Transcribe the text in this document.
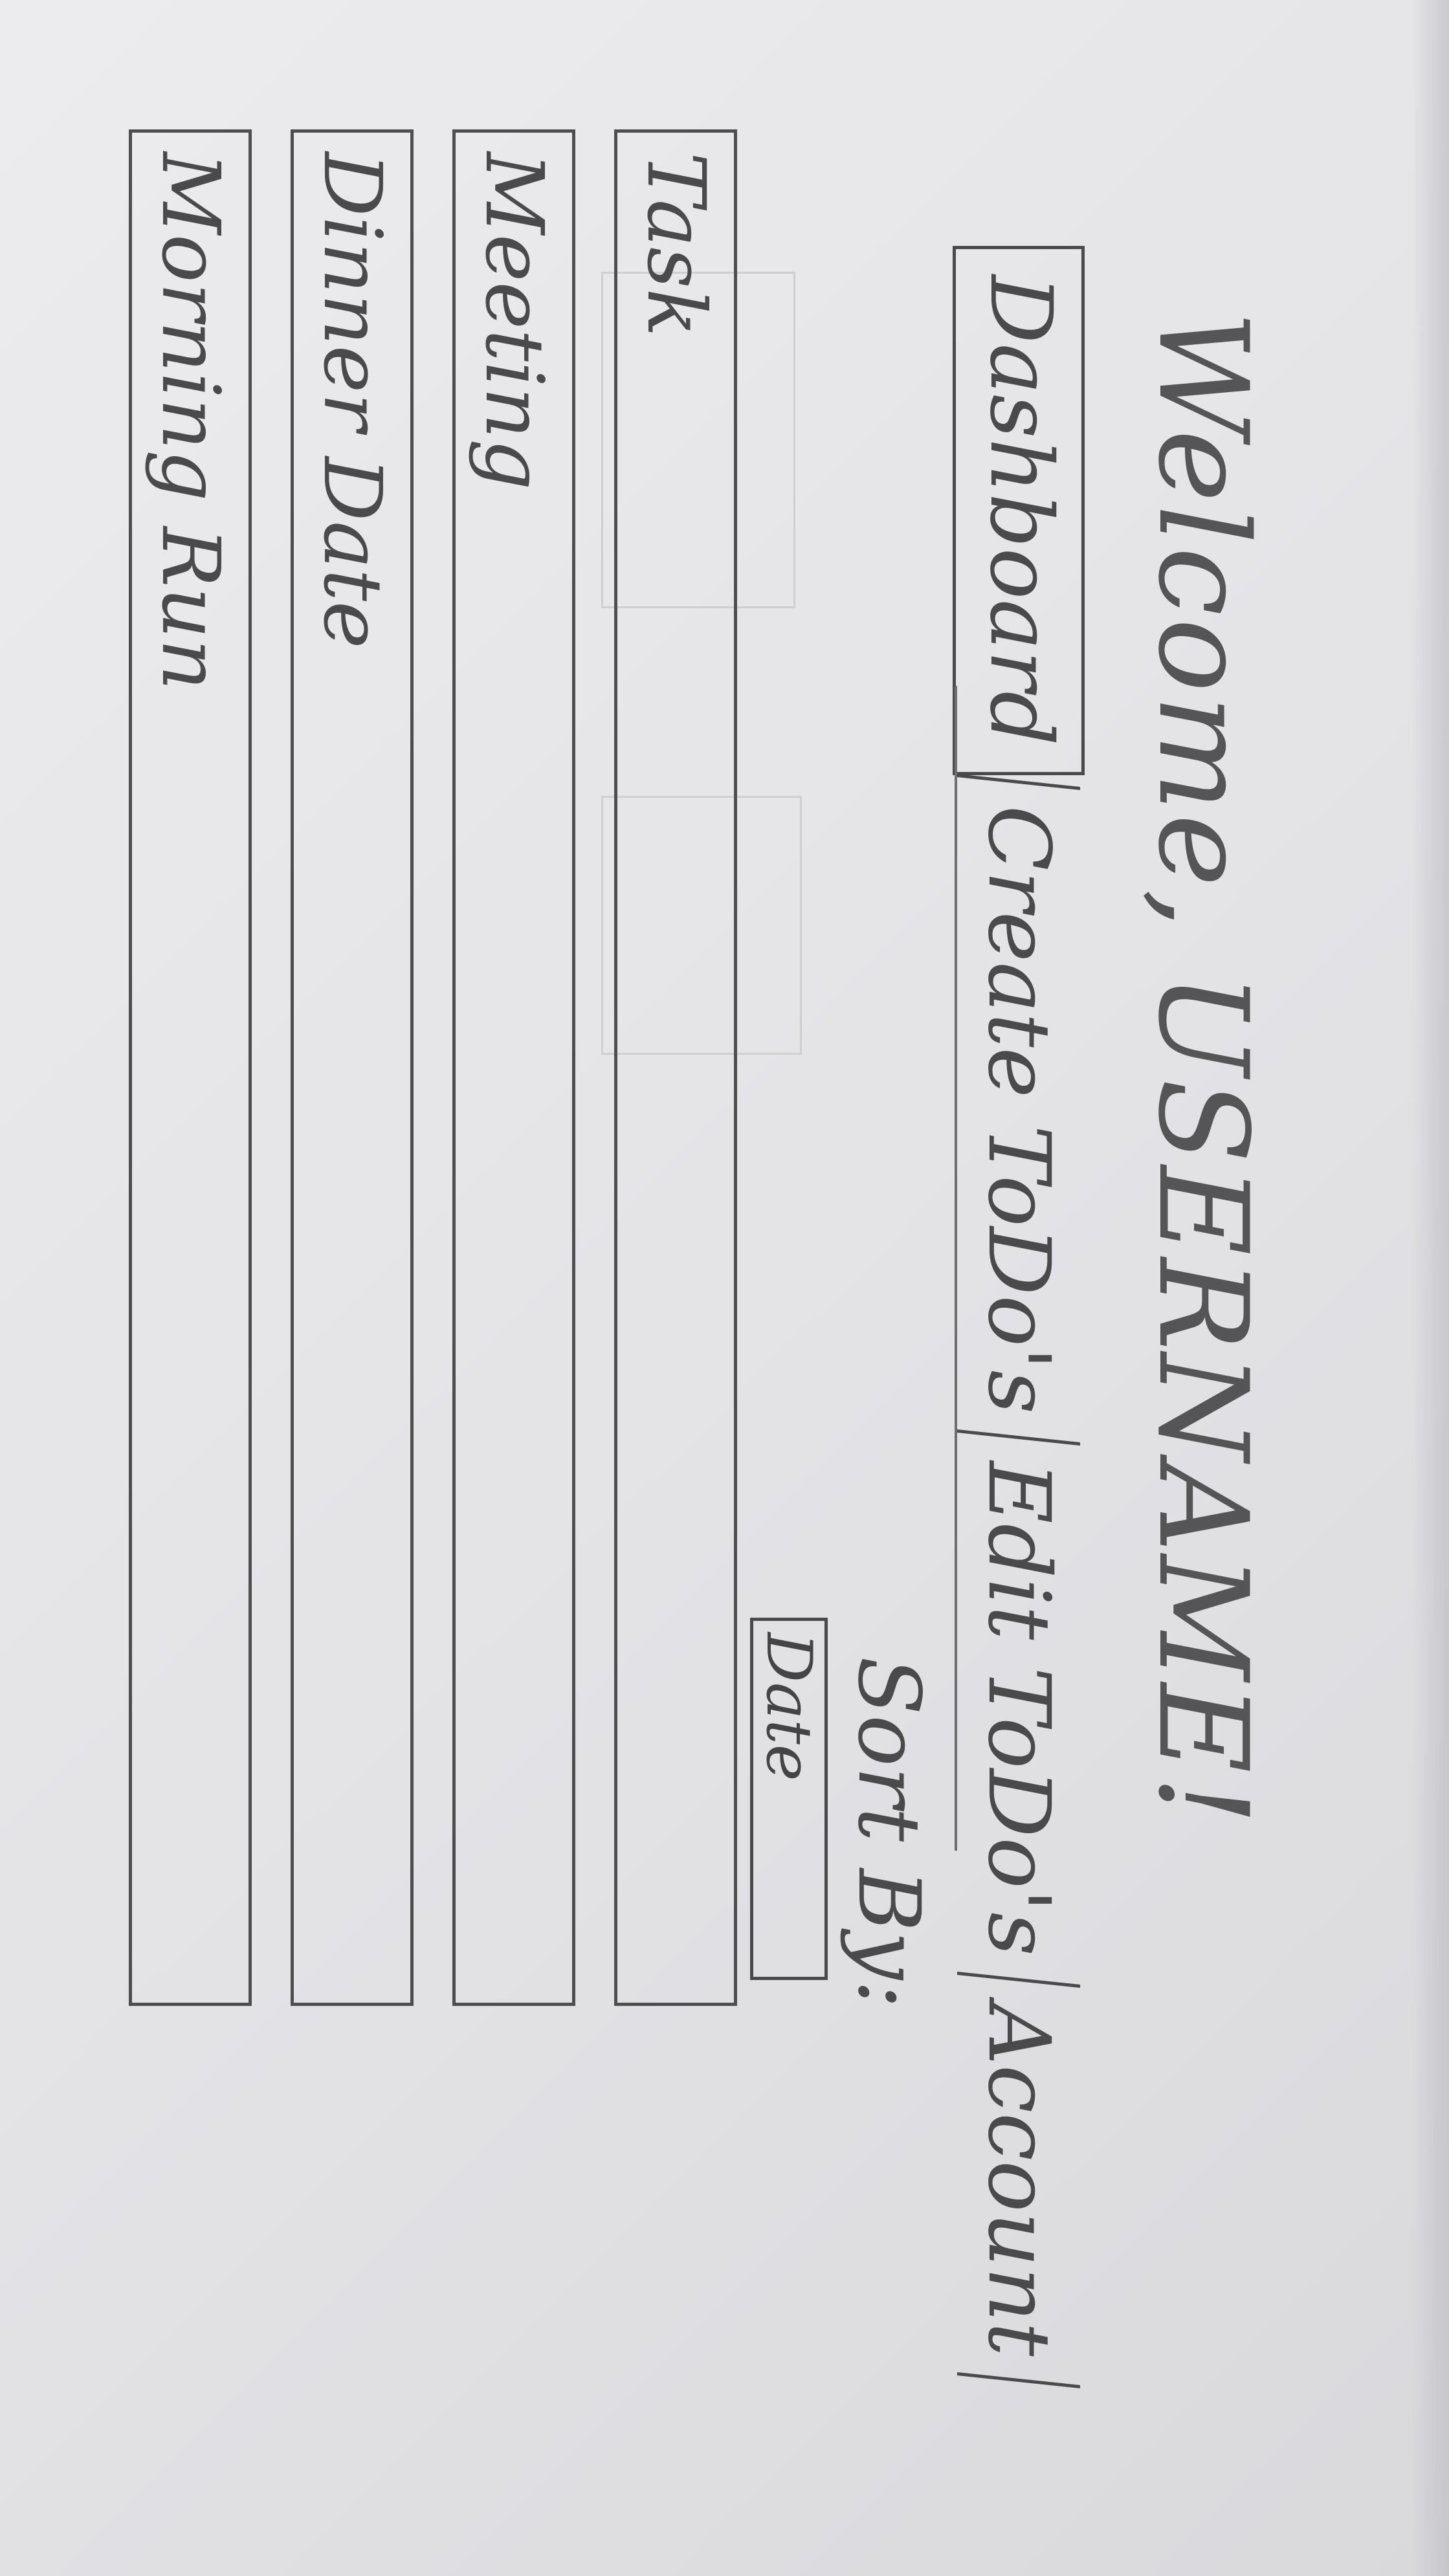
Welcome, USERNAME!
Dashboard
Create ToDo's
Edit ToDo's
Account
Sort By:
Date
Task
Meeting
Dinner Date
Morning Run
